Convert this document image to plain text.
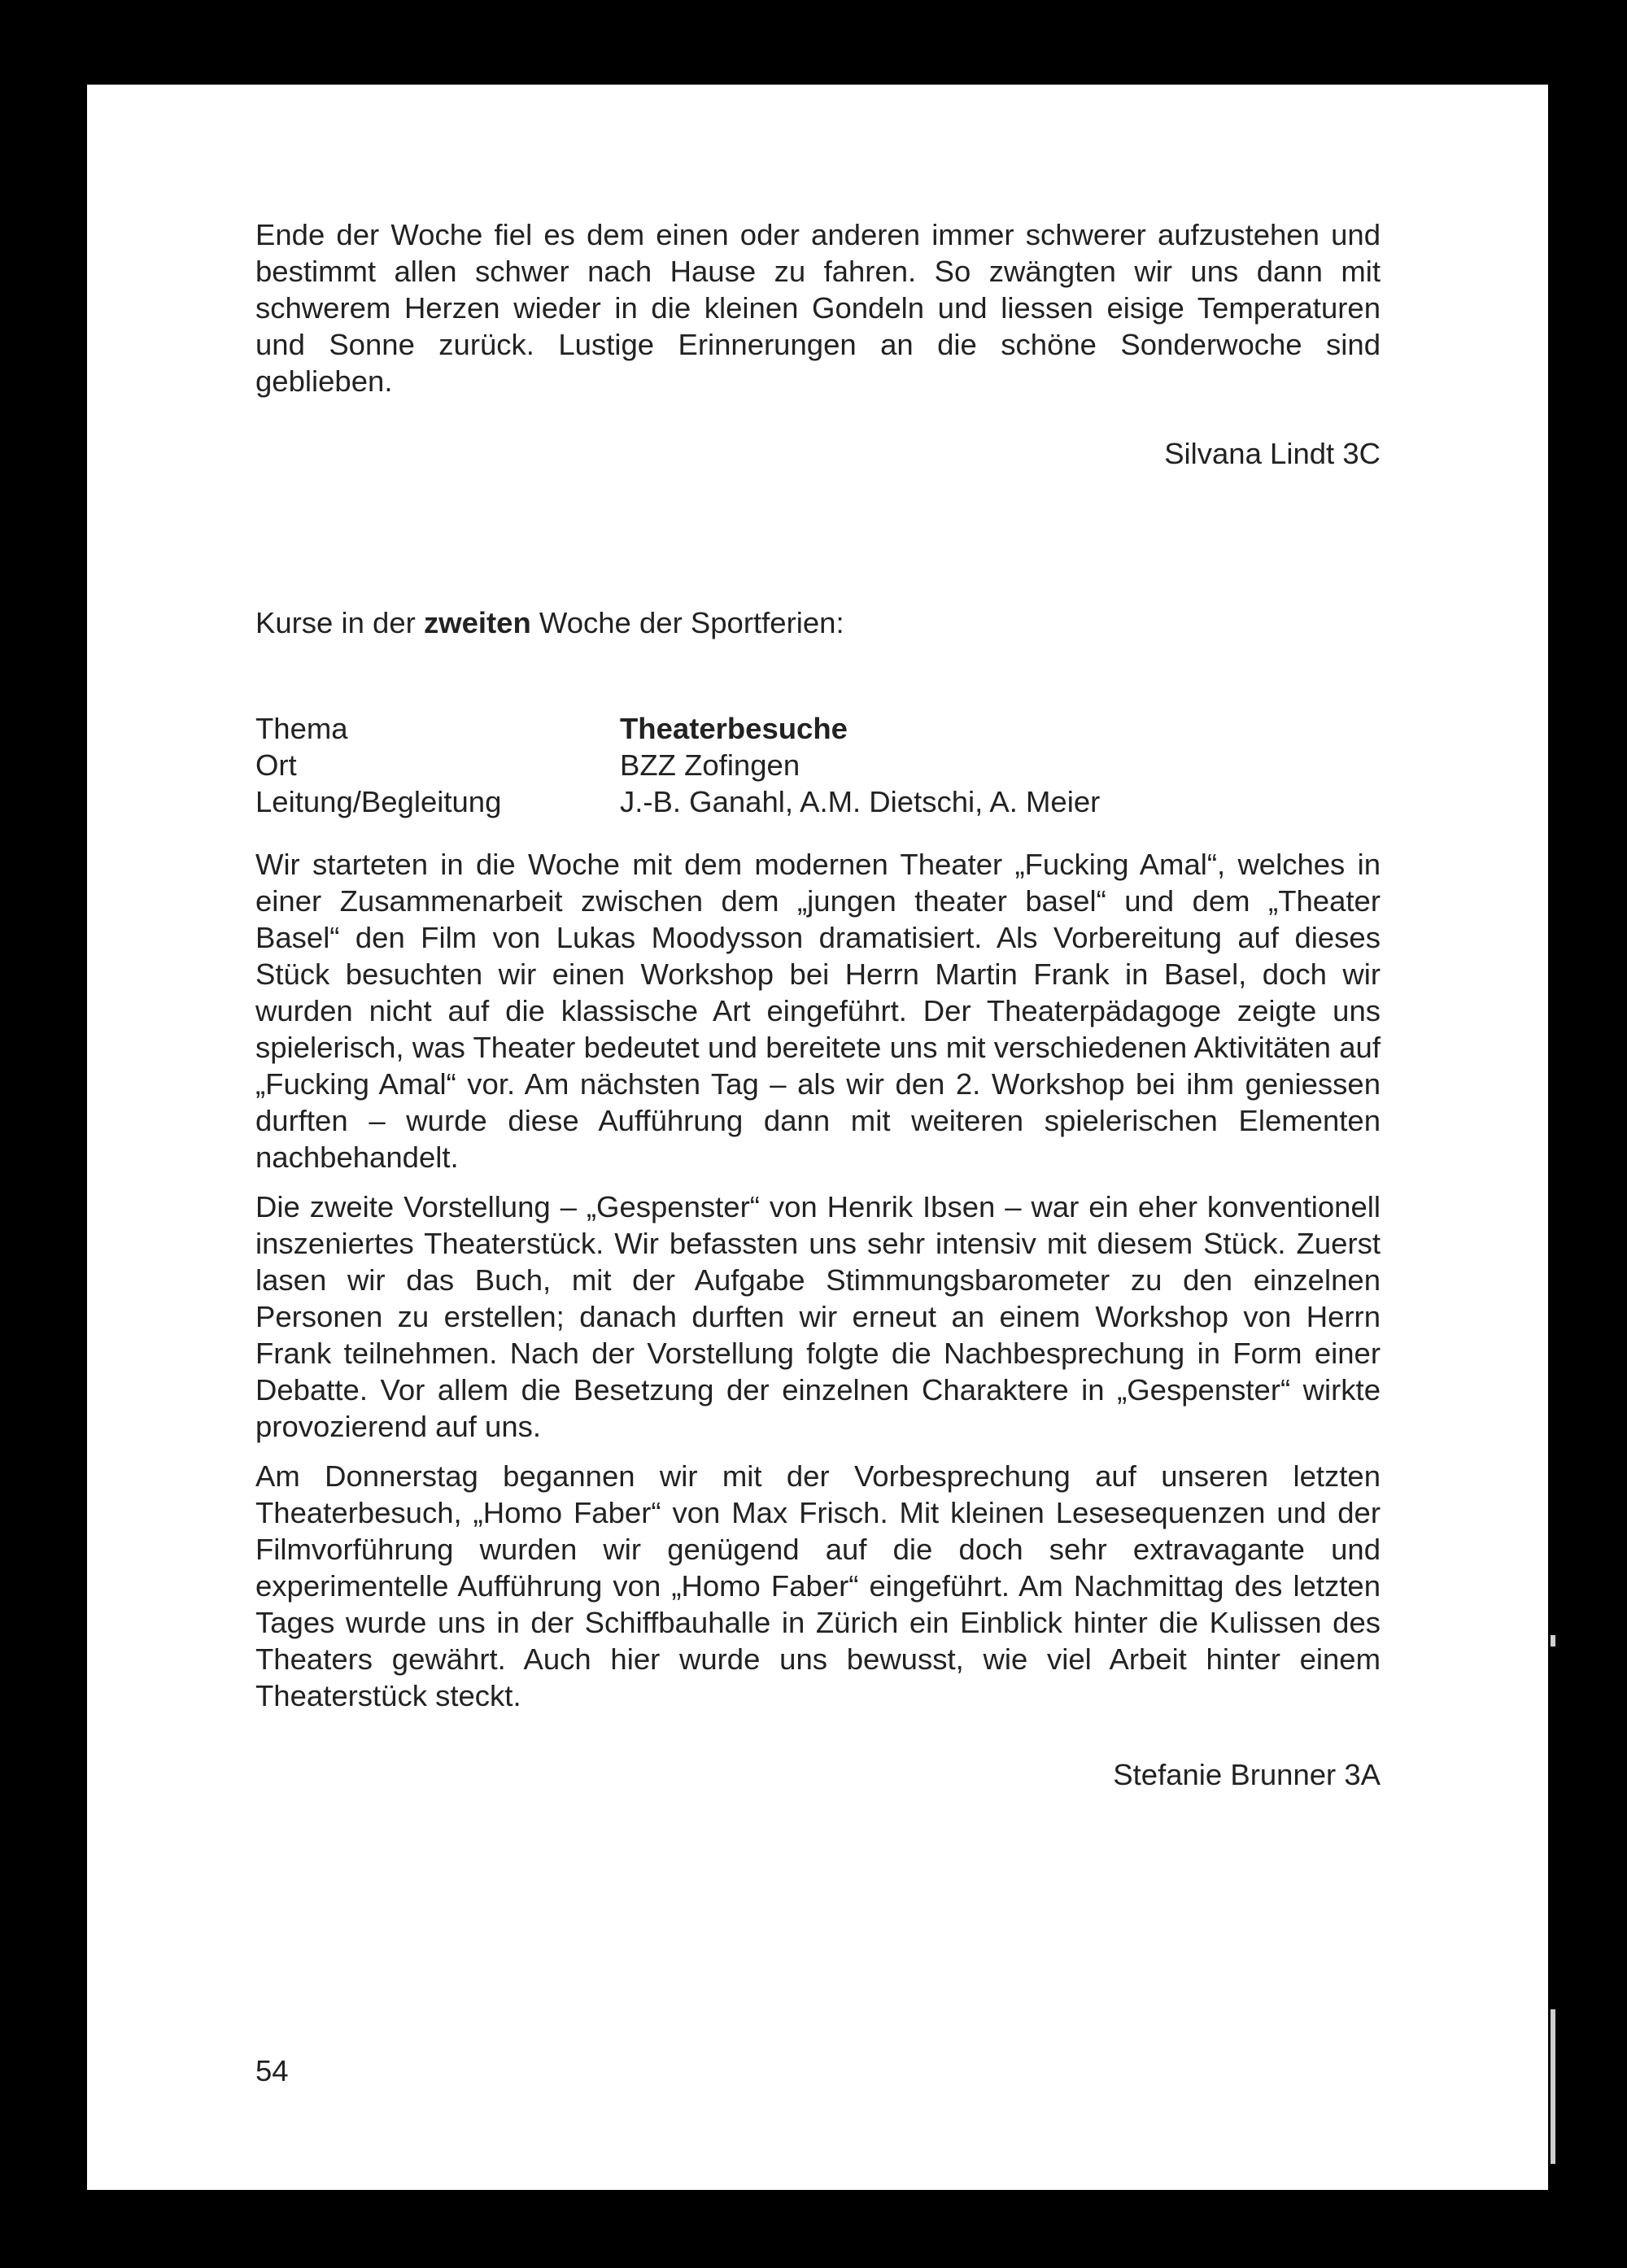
Ende der Woche fiel es dem einen oder anderen immer schwerer aufzustehen und bestimmt allen schwer nach Hause zu fahren. So zwängten wir uns dann mit schwerem Herzen wieder in die kleinen Gondeln und liessen eisige Temperaturen und Sonne zurück. Lustige Erinnerungen an die schöne Sonderwoche sind geblieben.

Silvana Lindt 3C

Kurse in der zweiten Woche der Sportferien:

Thema	Theaterbesuche
Ort	BZZ Zofingen
Leitung/Begleitung	J.-B. Ganahl, A.M. Dietschi, A. Meier

Wir starteten in die Woche mit dem modernen Theater „Fucking Amal“, welches in einer Zusammenarbeit zwischen dem „jungen theater basel“ und dem „Theater Basel“ den Film von Lukas Moodysson dramatisiert. Als Vorbereitung auf dieses Stück besuchten wir einen Workshop bei Herrn Martin Frank in Basel, doch wir wurden nicht auf die klassische Art eingeführt. Der Theaterpädagoge zeigte uns spielerisch, was Theater bedeutet und bereitete uns mit verschiedenen Aktivitäten auf „Fucking Amal“ vor. Am nächsten Tag – als wir den 2. Workshop bei ihm geniessen durften – wurde diese Aufführung dann mit weiteren spielerischen Elementen nachbehandelt.

Die zweite Vorstellung – „Gespenster“ von Henrik Ibsen – war ein eher konventionell inszeniertes Theaterstück. Wir befassten uns sehr intensiv mit diesem Stück. Zuerst lasen wir das Buch, mit der Aufgabe Stimmungsbarometer zu den einzelnen Personen zu erstellen; danach durften wir erneut an einem Workshop von Herrn Frank teilnehmen. Nach der Vorstellung folgte die Nachbesprechung in Form einer Debatte. Vor allem die Besetzung der einzelnen Charaktere in „Gespenster“ wirkte provozierend auf uns.

Am Donnerstag begannen wir mit der Vorbesprechung auf unseren letzten Theaterbesuch, „Homo Faber“ von Max Frisch. Mit kleinen Lesesequenzen und der Filmvorführung wurden wir genügend auf die doch sehr extravagante und experimentelle Aufführung von „Homo Faber“ eingeführt. Am Nachmittag des letzten Tages wurde uns in der Schiffbauhalle in Zürich ein Einblick hinter die Kulissen des Theaters gewährt. Auch hier wurde uns bewusst, wie viel Arbeit hinter einem Theaterstück steckt.

Stefanie Brunner 3A

54
